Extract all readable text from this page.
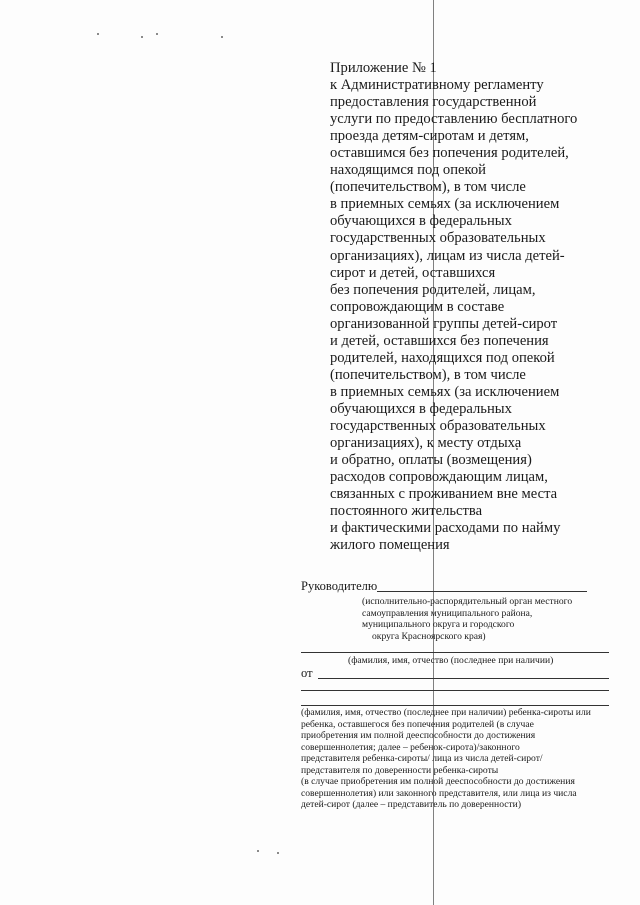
Приложение № 1
к Административному регламенту
предоставления государственной
услуги по предоставлению бесплатного
проезда детям-сиротам и детям,
оставшимся без попечения родителей,
находящимся под опекой
(попечительством), в том числе
в приемных семьях (за исключением
обучающихся в федеральных
государственных образовательных
организациях), лицам из числа детей-
сирот и детей, оставшихся
без попечения родителей, лицам,
сопровождающим в составе
организованной группы детей-сирот
и детей, оставшихся без попечения
родителей, находящихся под опекой
(попечительством), в том числе
в приемных семьях (за исключением
обучающихся в федеральных
государственных образовательных
организациях), к месту отдыха
и обратно, оплаты (возмещения)
расходов сопровождающим лицам,
связанных с проживанием вне места
постоянного жительства
и фактическими расходами по найму
жилого помещения
Руководителю
(исполнительно-распорядительный орган местного
самоуправления муниципального района,
муниципального округа и городского
округа Красноярского края)
(фамилия, имя, отчество (последнее при наличии)
от
(фамилия, имя, отчество (последнее при наличии) ребенка-сироты или
ребенка, оставшегося без попечения родителей (в случае
приобретения им полной дееспособности до достижения
совершеннолетия; далее – ребенок-сирота)/законного
представителя ребенка-сироты/ лица из числа детей-сирот/
представителя по доверенности ребенка-сироты
(в случае приобретения им полной дееспособности до достижения
совершеннолетия) или законного представителя, или лица из числа
детей-сирот (далее – представитель по доверенности)
